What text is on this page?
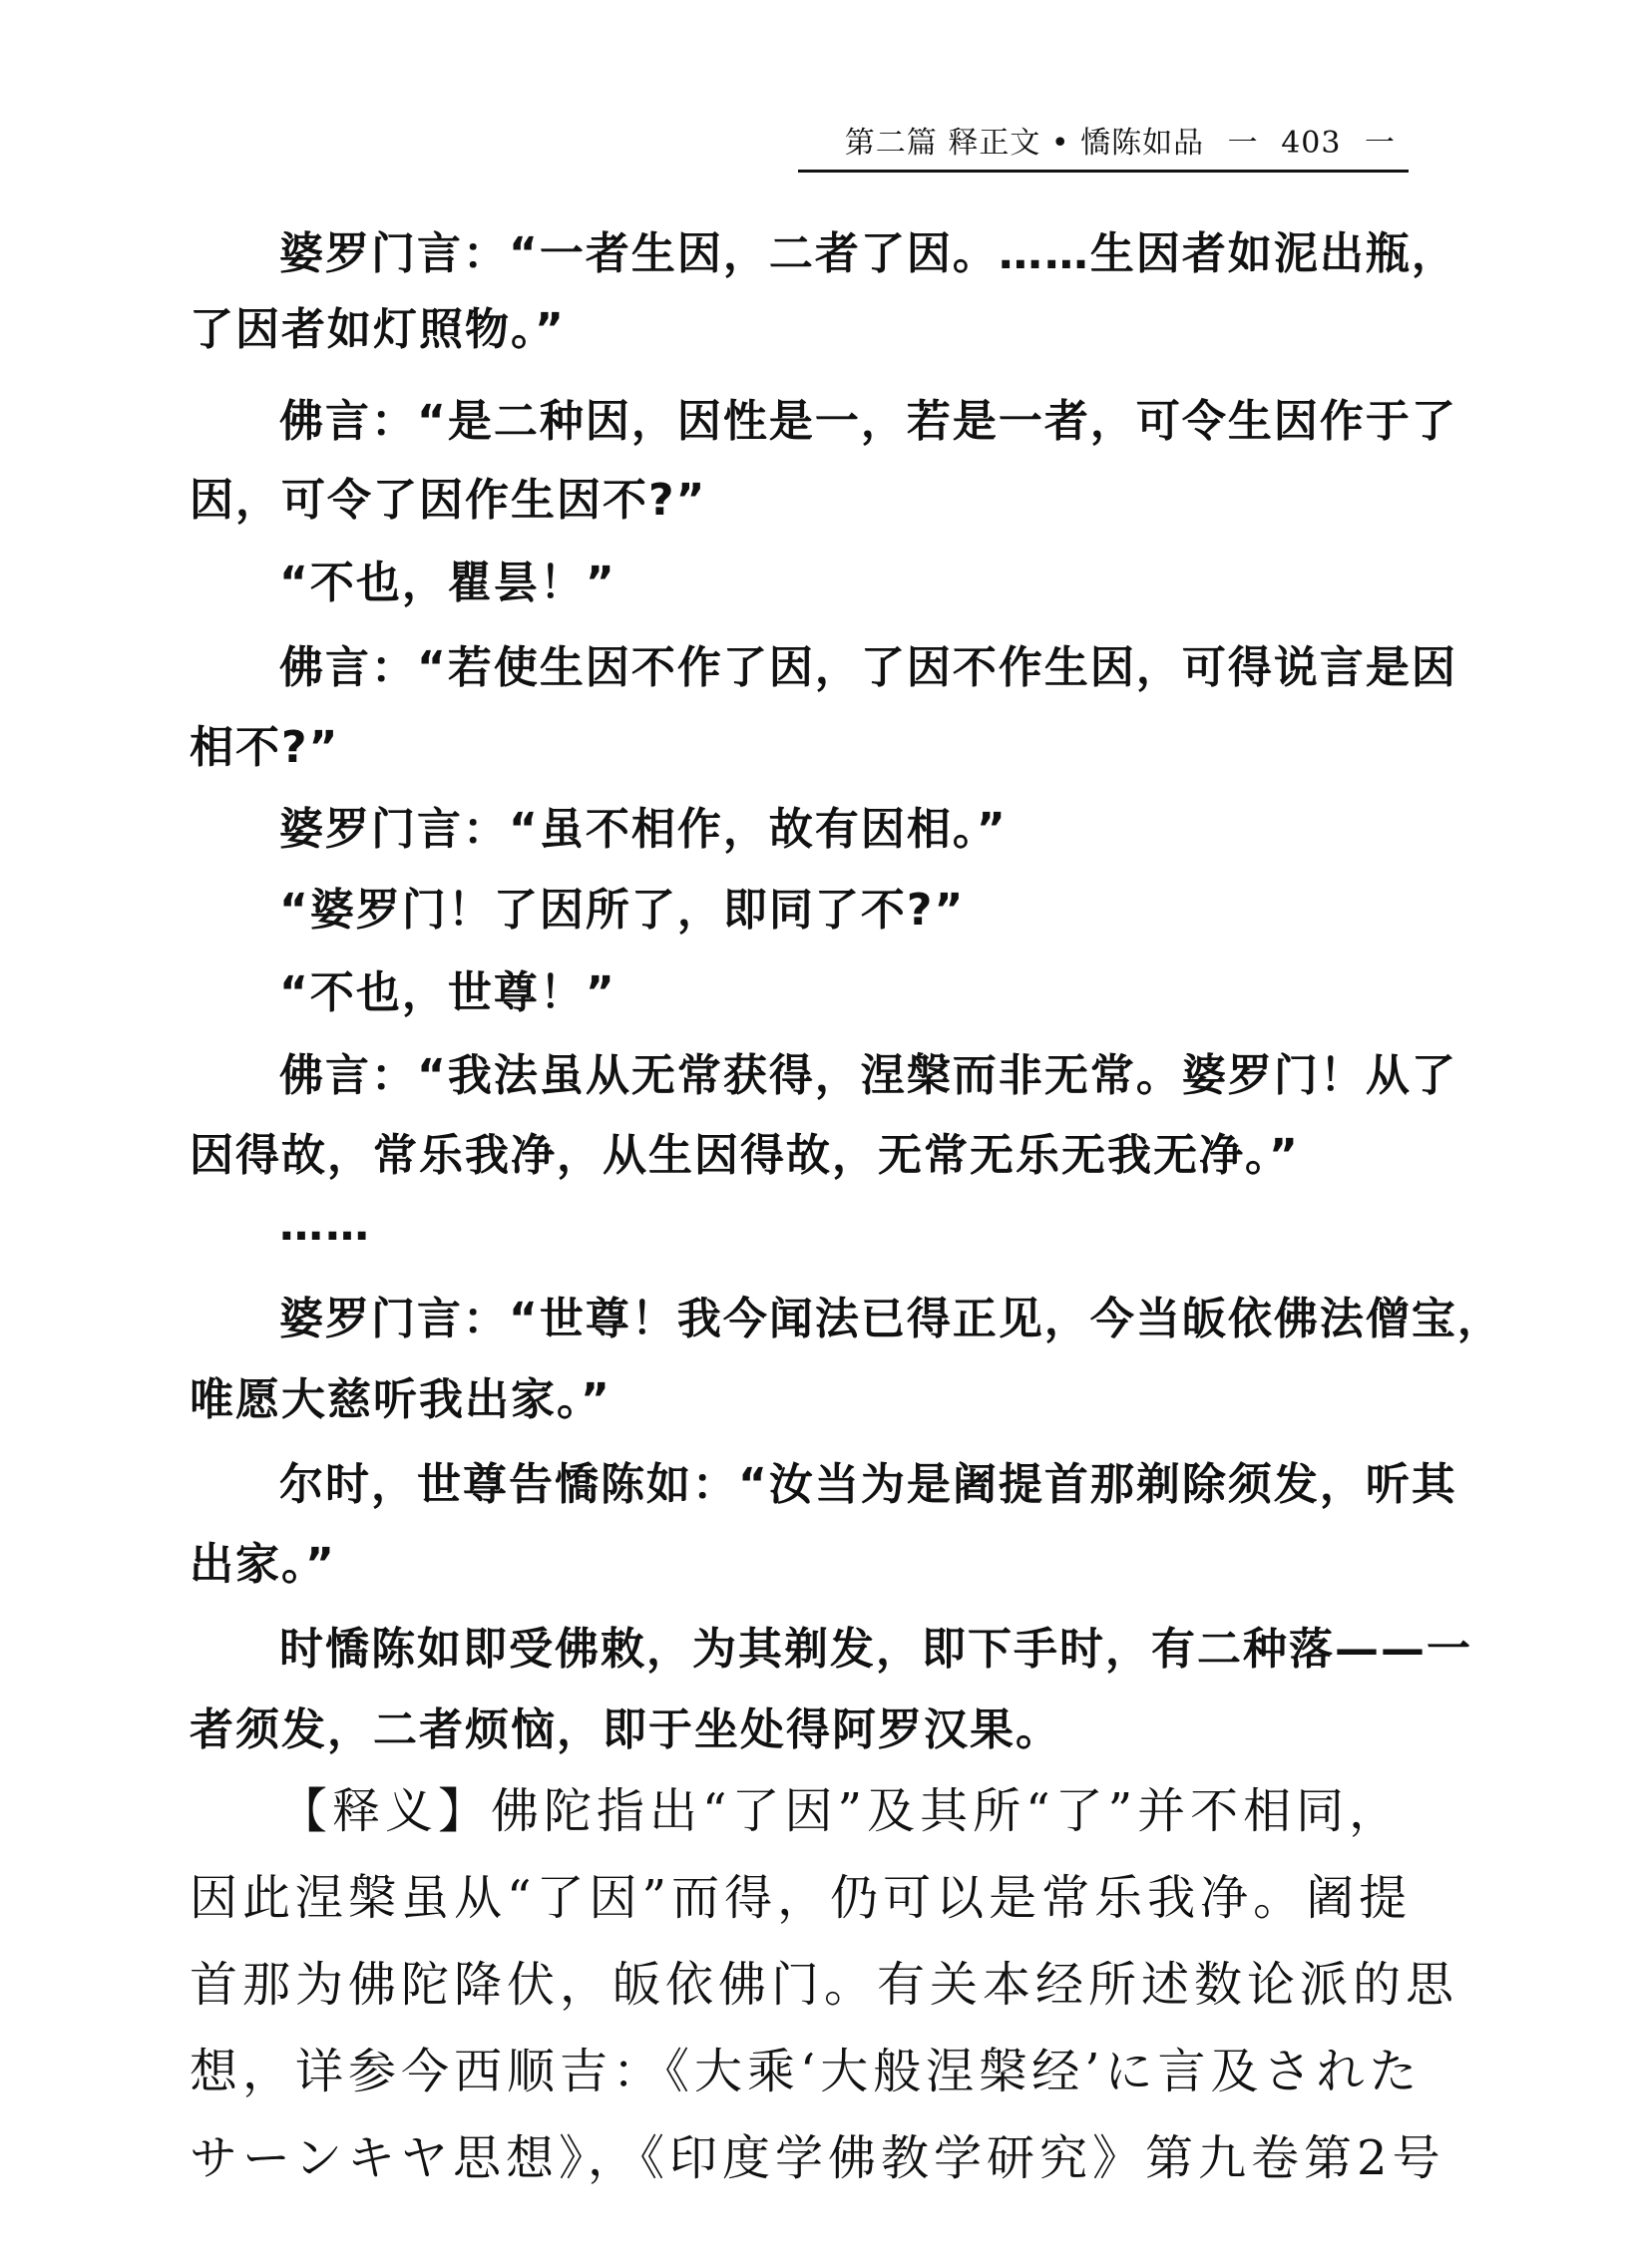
第二篇 释正文 • 憍陈如品 一 403 一
婆罗门言：“一者生因，二者了因。……生因者如泥出瓶，
了因者如灯照物。”
佛言：“是二种因，因性是一，若是一者，可令生因作于了
因，可令了因作生因不?”
“不也，瞿昙！”
佛言：“若使生因不作了因，了因不作生因，可得说言是因
相不?”
婆罗门言：“虽不相作，故有因相。”
“婆罗门！了因所了，即同了不?”
“不也，世尊！”
佛言：“我法虽从无常获得，涅槃而非无常。婆罗门！从了
因得故，常乐我净，从生因得故，无常无乐无我无净。”
……
婆罗门言：“世尊！我今闻法已得正见，今当皈依佛法僧宝，
唯愿大慈听我出家。”
尔时，世尊告憍陈如：“汝当为是阇提首那剃除须发，听其
出家。”
时憍陈如即受佛敕，为其剃发，即下手时，有二种落——一
者须发，二者烦恼，即于坐处得阿罗汉果。
【释义】佛陀指出“了因”及其所“了”并不相同，
因此涅槃虽从“了因”而得，仍可以是常乐我净。阇提
首那为佛陀降伏，皈依佛门。有关本经所述数论派的思
想，详参今西顺吉：《大乘‘大般涅槃经’に言及された
サーンキヤ思想》，《印度学佛教学研究》第九卷第2号
